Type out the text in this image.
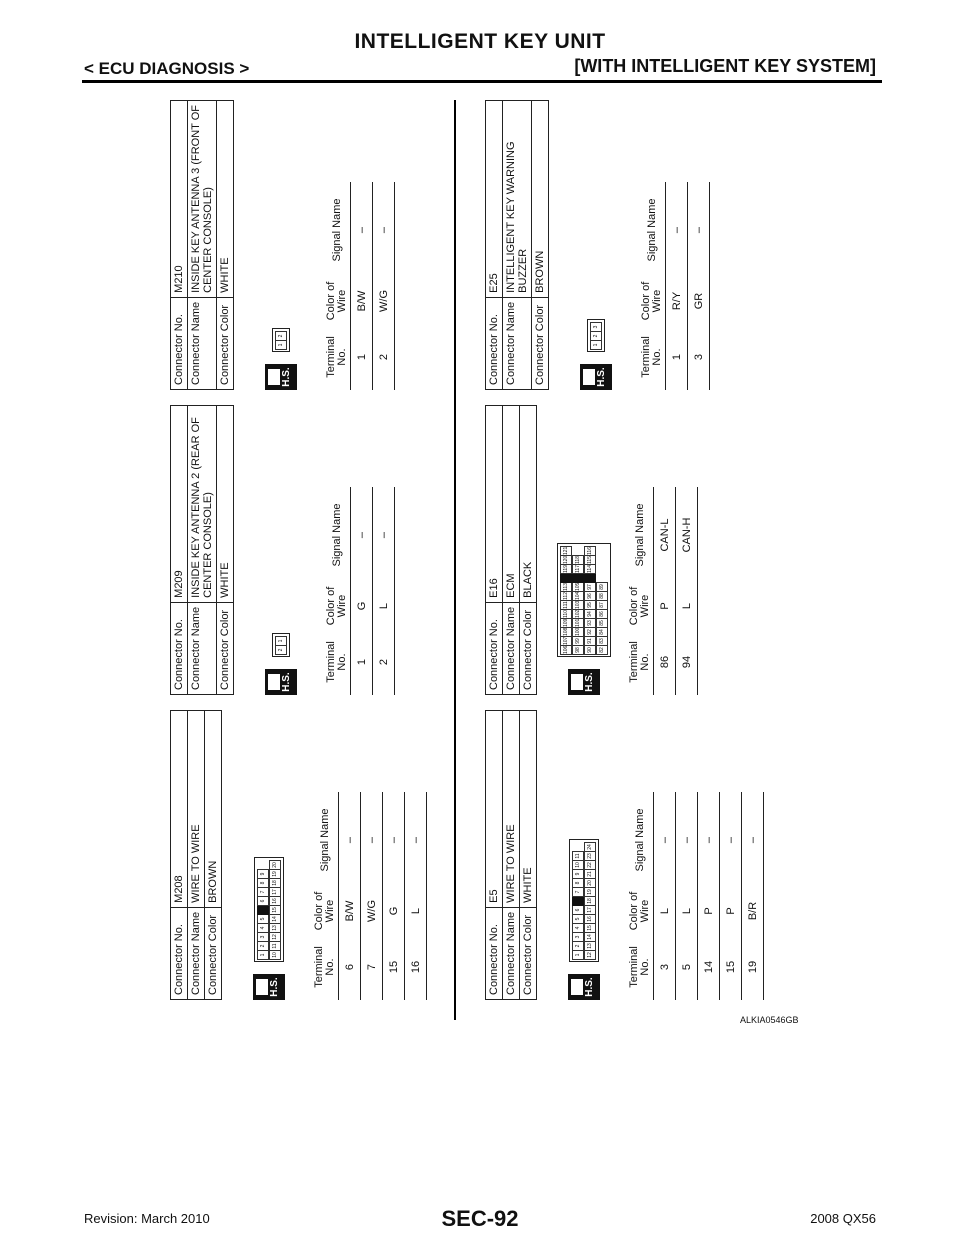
INTELLIGENT KEY UNIT
< ECU DIAGNOSIS >	[WITH INTELLIGENT KEY SYSTEM]
Connector No.	M208
Connector Name	WIRE TO WIRE
Connector Color	BROWN
H.S.
1
2
3
4
5
6
7
8
9
10
11
12
13
14
15
16
17
18
19
20
Terminal No.	Color of Wire	Signal Name
6	B/W	–
7	W/G	–
15	G	–
16	L	–
Connector No.	M209
Connector Name	INSIDE KEY ANTENNA 2 (REAR OF CENTER CONSOLE)
Connector Color	WHITE
H.S.
2
1
Terminal No.	Color of Wire	Signal Name
1	G	–
2	L	–
Connector No.	M210
Connector Name	INSIDE KEY ANTENNA 3 (FRONT OF CENTER CONSOLE)
Connector Color	WHITE
H.S.
1
2
Terminal No.	Color of Wire	Signal Name
1	B/W	–
2	W/G	–
Connector No.	E5
Connector Name	WIRE TO WIRE
Connector Color	WHITE
H.S.
1
2
3
4
5
6
7
8
9
10
11
12
13
14
15
16
17
18
19
20
21
22
23
24
Terminal No.	Color of Wire	Signal Name
3	L	–
5	L	–
14	P	–
15	P	–
19	B/R	–
Connector No.	E16
Connector Name	ECM
Connector Color	BLACK
H.S.
106
107
108
109
110
111
112
113
119
120
121
98
99
100
101
102
103
104
105
117
118
90
91
92
93
94
95
96
97
114
115
116
82
83
84
85
86
87
88
89
Terminal No.	Color of Wire	Signal Name
86	P	CAN-L
94	L	CAN-H
Connector No.	E25
Connector Name	INTELLIGENT KEY WARNING BUZZER
Connector Color	BROWN
H.S.
1
2
3
Terminal No.	Color of Wire	Signal Name
1	R/Y	–
3	GR	–
ALKIA0546GB
Revision: March 2010	SEC-92	2008 QX56
